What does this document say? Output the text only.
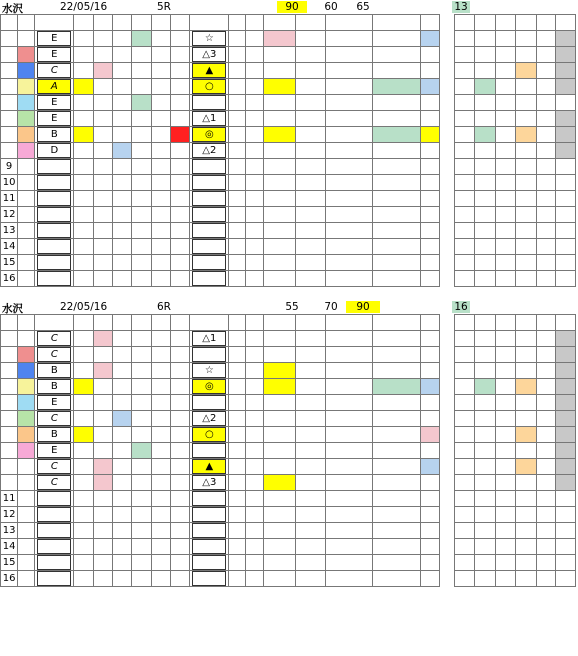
水沢	22/05/16	5R	90	60	65	13

		E							☆														

		E							△3														

		C							▲														

		A							○														

		E																					

		E							△1														

		B							◎														

		D							△2														

9		

10		

11		

12		

13		

14		

15		

16		

水沢	22/05/16	6R	55	70	90	16

		C							△1														

		C																					

		B							☆														

		B							◎														

		E																					

		C							△2														

		B							○														

		E																					

		C							▲														

		C							△3														

11		

12		

13		

14		

15		

16		
